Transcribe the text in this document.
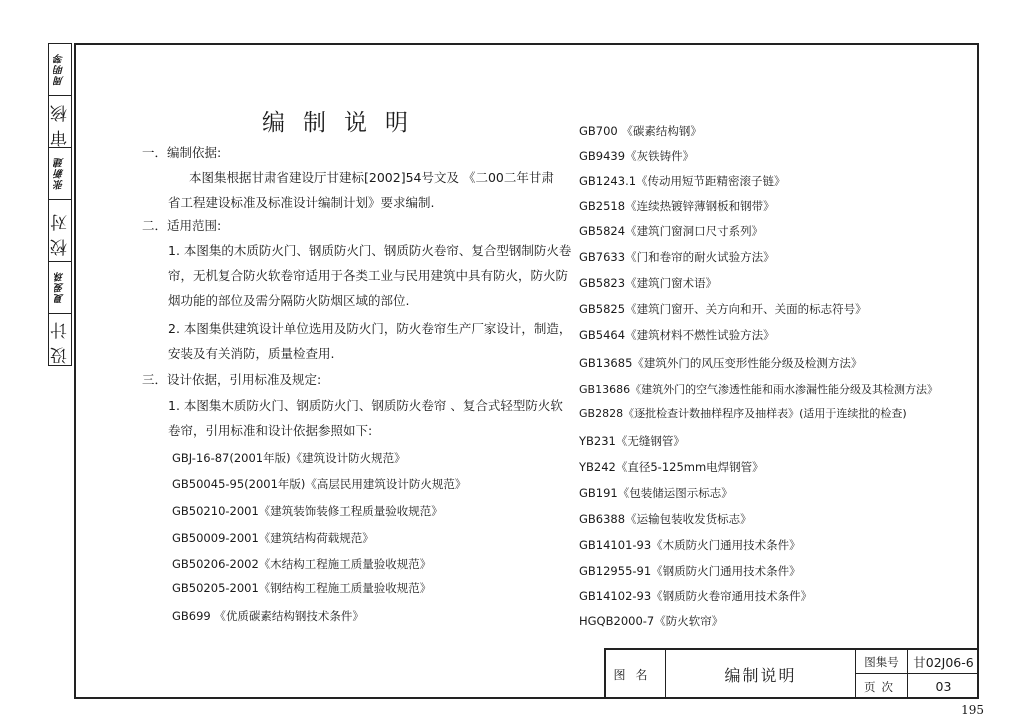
周明琴
审核
张新建
校对
夏爱珠
设计
编制说明
一．编制依据:
本图集根据甘肃省建设厅甘建标[2002]54号文及 《二00二年甘肃
省工程建设标准及标准设计编制计划》要求编制.
二．适用范围:
1. 本图集的木质防火门、钢质防火门、钢质防火卷帘、复合型钢制防火卷
帘，无机复合防火软卷帘适用于各类工业与民用建筑中具有防火，防火防
烟功能的部位及需分隔防火防烟区域的部位.
2. 本图集供建筑设计单位选用及防火门，防火卷帘生产厂家设计，制造，
安装及有关消防，质量检查用.
三．设计依据，引用标准及规定:
1. 本图集木质防火门、钢质防火门、钢质防火卷帘 、复合式轻型防火软
卷帘，引用标准和设计依据参照如下:
GBJ-16-87(2001年版)《建筑设计防火规范》
GB50045-95(2001年版)《高层民用建筑设计防火规范》
GB50210-2001《建筑装饰装修工程质量验收规范》
GB50009-2001《建筑结构荷载规范》
GB50206-2002《木结构工程施工质量验收规范》
GB50205-2001《钢结构工程施工质量验收规范》
GB699 《优质碳素结构钢技术条件》
GB700 《碳素结构钢》
GB9439《灰铁铸件》
GB1243.1《传动用短节距精密滚子链》
GB2518《连续热镀锌薄钢板和钢带》
GB5824《建筑门窗洞口尺寸系列》
GB7633《门和卷帘的耐火试验方法》
GB5823《建筑门窗术语》
GB5825《建筑门窗开、关方向和开、关面的标志符号》
GB5464《建筑材料不燃性试验方法》
GB13685《建筑外门的风压变形性能分级及检测方法》
GB13686《建筑外门的空气渗透性能和雨水渗漏性能分级及其检测方法》
GB2828《逐批检查计数抽样程序及抽样表》(适用于连续批的检查)
YB231《无缝钢管》
YB242《直径5-125mm电焊钢管》
GB191《包装储运图示标志》
GB6388《运输包装收发货标志》
GB14101-93《木质防火门通用技术条件》
GB12955-91《钢质防火门通用技术条件》
GB14102-93《钢质防火卷帘通用技术条件》
HGQB2000-7《防火软帘》
图名	编制说明
图集号	甘02J06-6
页次	03
195
